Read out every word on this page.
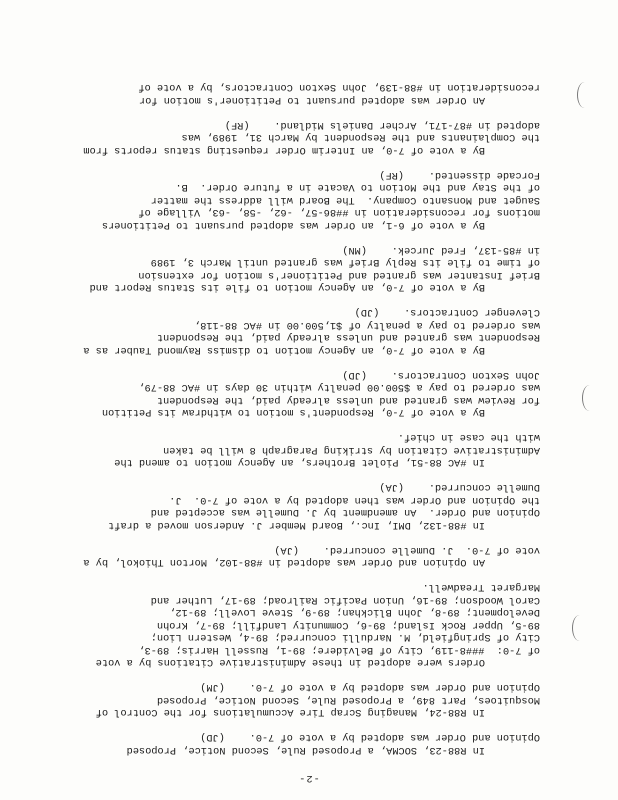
-2-
In R88-23, SOCMA, a Proposed Rule, Second Notice, Proposed
Opinion and Order was adopted by a vote of 7-0.    (JD)
In R88-24, Managing Scrap Tire Accumulations for the Control of
Mosquitoes, Part 849, a Proposed Rule, Second Notice, Proposed
Opinion and Order was adopted by a vote of 7-0.    (JM)
Orders were adopted in these Administrative Citations by a vote
of 7-0:  ###8-119, City of Belvidere; 89-1, Russell Harris; 89-3,
City of Springfield, M. Nardulli concurred; 89-4, Western Lion;
89-5, Upper Rock Island; 89-6, Community Landfill; 89-7, Krohn
Development; 89-8, John Blickhan; 89-9, Steve Lovell; 89-12,
Carol Woodson; 89-16, Union Pacific Railroad; 89-17, Luther and
Margaret Treadwell.
An Opinion and Order was adopted in #88-102, Morton Thiokol, by a
vote of 7-0.  J. Dumelle concurred.    (JA)
In #88-132, DMI, Inc., Board Member J. Anderson moved a draft
Opinion and Order.  An amendment by J. Dumelle was accepted and
the Opinion and Order was then adopted by a vote of 7-0.  J.
Dumelle concurred.    (JA)
In #AC 88-51, Piolet Brothers, an Agency motion to amend the
Administrative Citation by striking Paragraph 8 will be taken
with the case in chief.
By a vote of 7-0, Respondent's motion to withdraw its Petition
for Review was granted and unless already paid, the Respondent
was ordered to pay a $500.00 penalty within 30 days in #AC 88-79,
John Sexton Contractors.    (JD)
By a vote of 7-0, an Agency motion to dismiss Raymond Tauber as a
Respondent was granted and unless already paid, the Respondent
was ordered to pay a penalty of $1,500.00 in #AC 88-118,
Clevenger Contractors.    (JD)
By a vote of 7-0, an Agency motion to file its Status Report and
Brief Instanter was granted and Petitioner's motion for extension
of time to file its Reply Brief was granted until March 3, 1989
in #85-137, Fred Jurcek.    (MN)
By a vote of 6-1, an Order was adopted pursuant to Petitioners
motions for reconsideration in ##86-57, -62, -58, -63, Village of
Sauget and Monsanto Company.  The Board will address the matter
of the Stay and the Motion to Vacate in a future Order.  B.
Forcade dissented.    (RF)
By a vote of 7-0, an Interim Order requesting status reports from
the Complainants and the Respondent by March 31, 1989, was
adopted in #87-171, Archer Daniels Midland.    (RF)
An Order was adopted pursuant to Petitioner's motion for
reconsideration in #88-139, John Sexton Contractors, by a vote of
